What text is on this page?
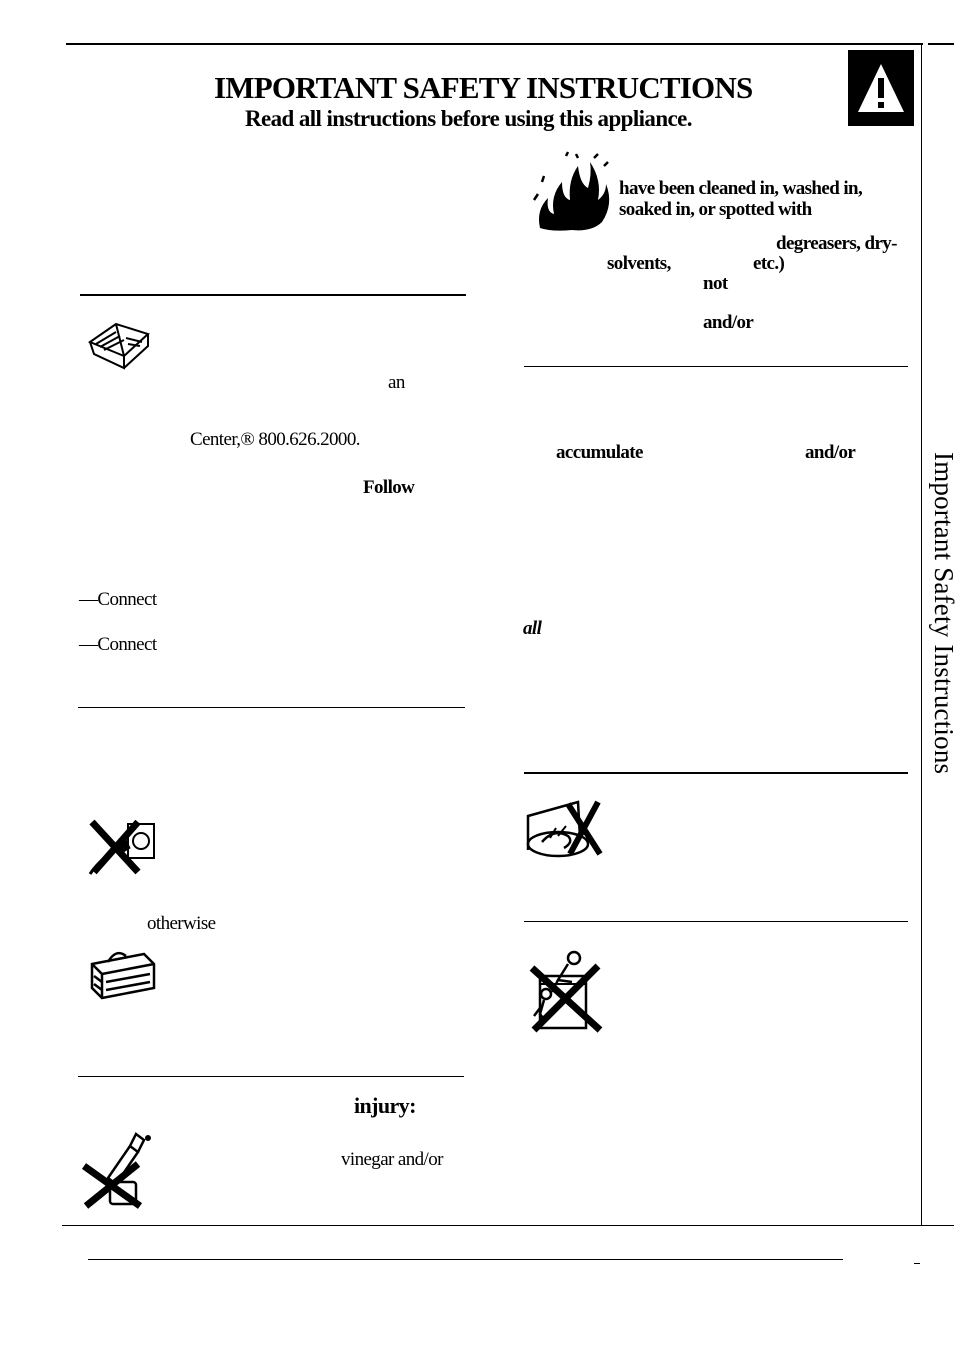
IMPORTANT SAFETY INSTRUCTIONS
Read all instructions before using this appliance.
Important Safety Instructions
an
Center,® 800.626.2000.
Follow
—Connect
—Connect
otherwise
injury:
vinegar and/or
have been cleaned in, washed in,
soaked in, or spotted with
degreasers, dry-
solvents,	etc.)
not
and/or
accumulate	and/or
all
